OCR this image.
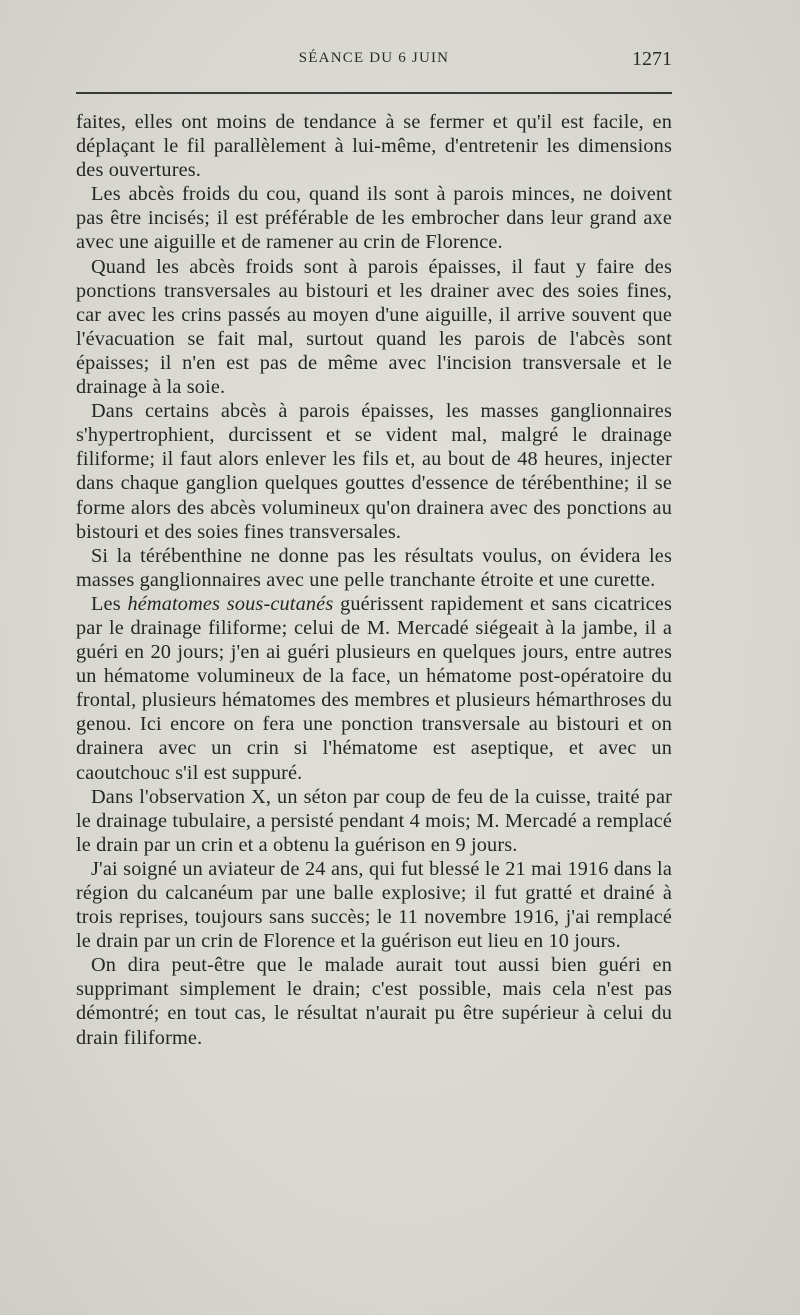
SÉANCE DU 6 JUIN	1271

faites, elles ont moins de tendance à se fermer et qu'il est facile, en déplaçant le fil parallèlement à lui-même, d'entretenir les dimensions des ouvertures.

Les abcès froids du cou, quand ils sont à parois minces, ne doivent pas être incisés; il est préférable de les embrocher dans leur grand axe avec une aiguille et de ramener au crin de Florence.

Quand les abcès froids sont à parois épaisses, il faut y faire des ponctions transversales au bistouri et les drainer avec des soies fines, car avec les crins passés au moyen d'une aiguille, il arrive souvent que l'évacuation se fait mal, surtout quand les parois de l'abcès sont épaisses; il n'en est pas de même avec l'incision transversale et le drainage à la soie.

Dans certains abcès à parois épaisses, les masses ganglionnaires s'hypertrophient, durcissent et se vident mal, malgré le drainage filiforme; il faut alors enlever les fils et, au bout de 48 heures, injecter dans chaque ganglion quelques gouttes d'essence de térébenthine; il se forme alors des abcès volumineux qu'on drainera avec des ponctions au bistouri et des soies fines transversales.

Si la térébenthine ne donne pas les résultats voulus, on évidera les masses ganglionnaires avec une pelle tranchante étroite et une curette.

Les hématomes sous-cutanés guérissent rapidement et sans cicatrices par le drainage filiforme; celui de M. Mercadé siégeait à la jambe, il a guéri en 20 jours; j'en ai guéri plusieurs en quelques jours, entre autres un hématome volumineux de la face, un hématome post-opératoire du frontal, plusieurs hématomes des membres et plusieurs hémarthroses du genou. Ici encore on fera une ponction transversale au bistouri et on drainera avec un crin si l'hématome est aseptique, et avec un caoutchouc s'il est suppuré.

Dans l'observation X, un séton par coup de feu de la cuisse, traité par le drainage tubulaire, a persisté pendant 4 mois; M. Mercadé a remplacé le drain par un crin et a obtenu la guérison en 9 jours.

J'ai soigné un aviateur de 24 ans, qui fut blessé le 21 mai 1916 dans la région du calcanéum par une balle explosive; il fut gratté et drainé à trois reprises, toujours sans succès; le 11 novembre 1916, j'ai remplacé le drain par un crin de Florence et la guérison eut lieu en 10 jours.

On dira peut-être que le malade aurait tout aussi bien guéri en supprimant simplement le drain; c'est possible, mais cela n'est pas démontré; en tout cas, le résultat n'aurait pu être supérieur à celui du drain filiforme.
